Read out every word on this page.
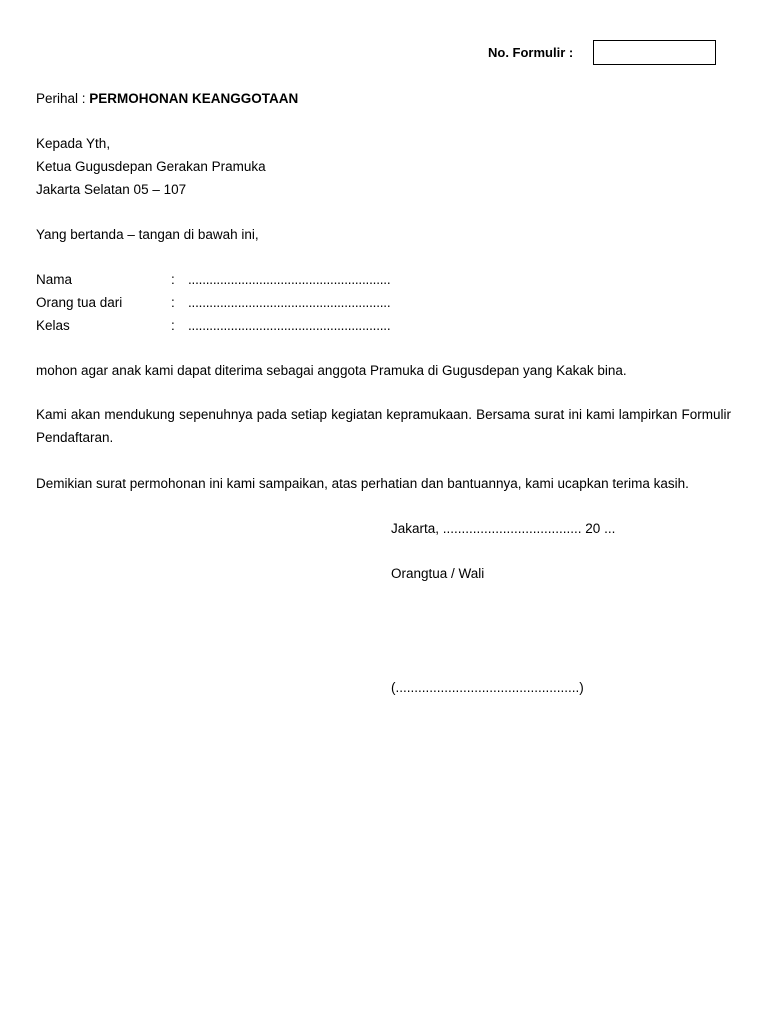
No. Formulir :
Perihal : PERMOHONAN KEANGGOTAAN
Kepada Yth,
Ketua Gugusdepan Gerakan Pramuka
Jakarta Selatan 05 – 107
Yang bertanda – tangan di bawah ini,
Nama	: .........................................................
Orang tua dari	: .........................................................
Kelas	: .........................................................
mohon agar anak kami dapat diterima sebagai anggota Pramuka di Gugusdepan yang Kakak bina.
Kami akan mendukung sepenuhnya pada setiap kegiatan kepramukaan. Bersama surat ini kami lampirkan Formulir Pendaftaran.
Demikian surat permohonan ini kami sampaikan, atas perhatian dan bantuannya, kami ucapkan terima kasih.
Jakarta, ..................................... 20 ...
Orangtua / Wali
(.................................................)
